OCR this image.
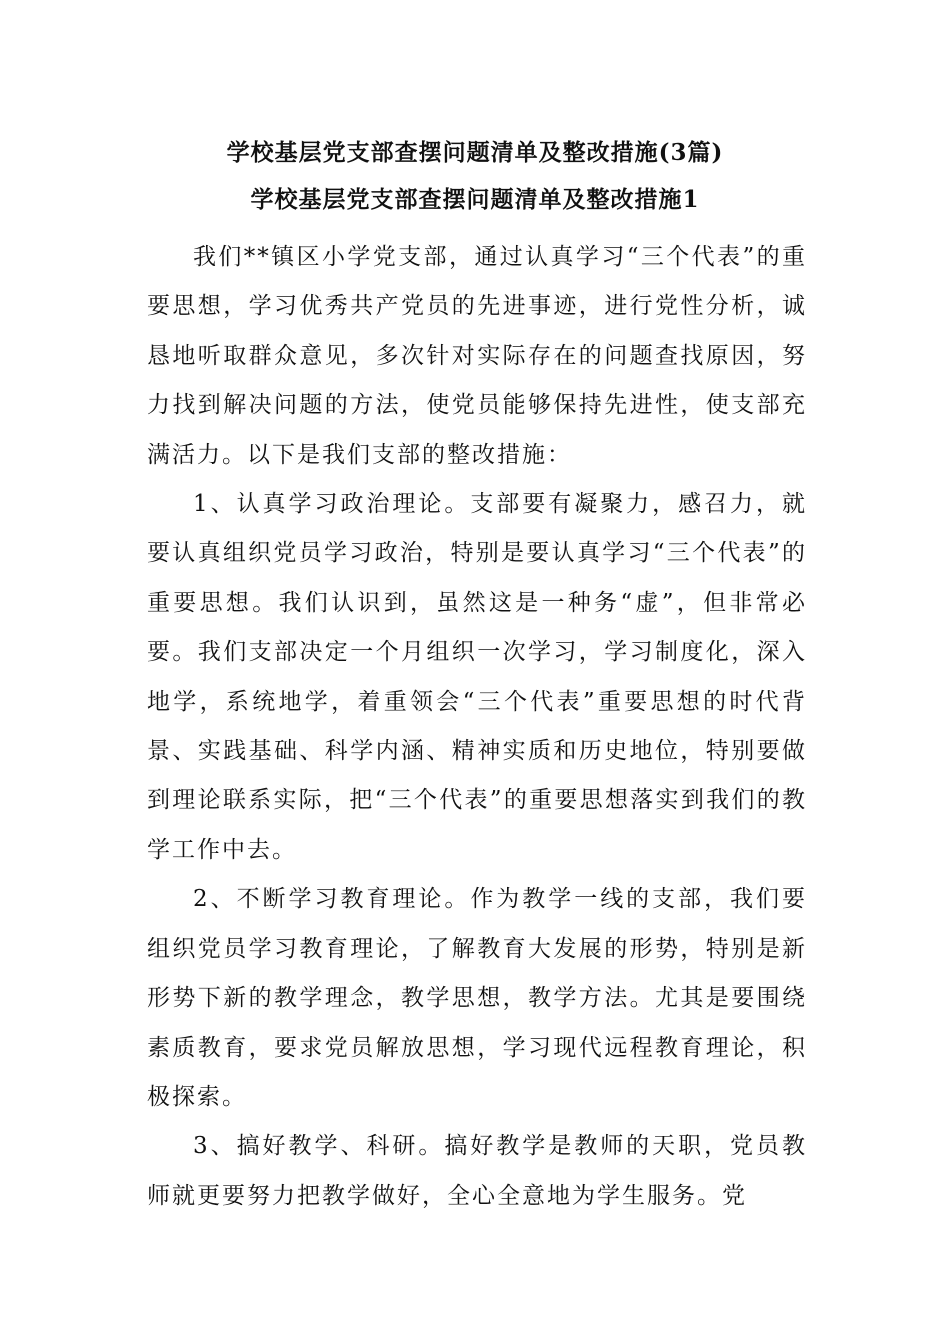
学校基层党支部查摆问题清单及整改措施(3篇)
学校基层党支部查摆问题清单及整改措施1

我们**镇区小学党支部，通过认真学习“三个代表”的重要思想，学习优秀共产党员的先进事迹，进行党性分析，诚恳地听取群众意见，多次针对实际存在的问题查找原因，努力找到解决问题的方法，使党员能够保持先进性，使支部充满活力。以下是我们支部的整改措施：

1、认真学习政治理论。支部要有凝聚力，感召力，就要认真组织党员学习政治，特别是要认真学习“三个代表”的重要思想。我们认识到，虽然这是一种务“虚”，但非常必要。我们支部决定一个月组织一次学习，学习制度化，深入地学，系统地学，着重领会“三个代表”重要思想的时代背景、实践基础、科学内涵、精神实质和历史地位，特别要做到理论联系实际，把“三个代表”的重要思想落实到我们的教学工作中去。

2、不断学习教育理论。作为教学一线的支部，我们要组织党员学习教育理论，了解教育大发展的形势，特别是新形势下新的教学理念，教学思想，教学方法。尤其是要围绕素质教育，要求党员解放思想，学习现代远程教育理论，积极探索。

3、搞好教学、科研。搞好教学是教师的天职，党员教师就更要努力把教学做好，全心全意地为学生服务。党
